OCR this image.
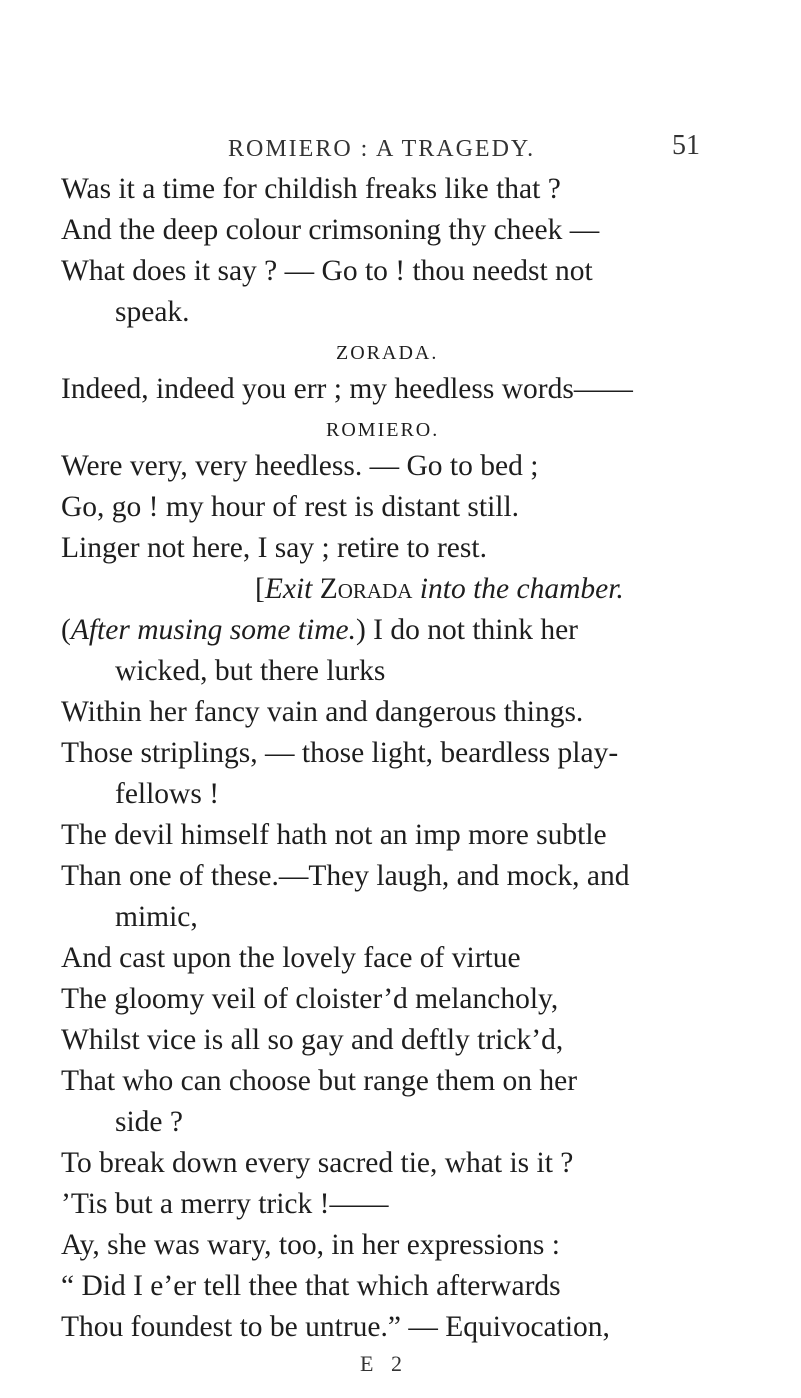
ROMIERO : A TRAGEDY.	51
Was it a time for childish freaks like that ?
And the deep colour crimsoning thy cheek —
What does it say ? — Go to ! thou needst not
speak.
ZORADA.
Indeed, indeed you err ; my heedless words——
ROMIERO.
Were very, very heedless. — Go to bed ;
Go, go ! my hour of rest is distant still.
Linger not here, I say ; retire to rest.
[Exit Zorada into the chamber.
(After musing some time.) I do not think her
wicked, but there lurks
Within her fancy vain and dangerous things.
Those striplings, — those light, beardless play-
fellows !
The devil himself hath not an imp more subtle
Than one of these.—They laugh, and mock, and
mimic,
And cast upon the lovely face of virtue
The gloomy veil of cloister’d melancholy,
Whilst vice is all so gay and deftly trick’d,
That who can choose but range them on her
side ?
To break down every sacred tie, what is it ?
’Tis but a merry trick !——
Ay, she was wary, too, in her expressions :
“ Did I e’er tell thee that which afterwards
Thou foundest to be untrue.” — Equivocation,
E 2
